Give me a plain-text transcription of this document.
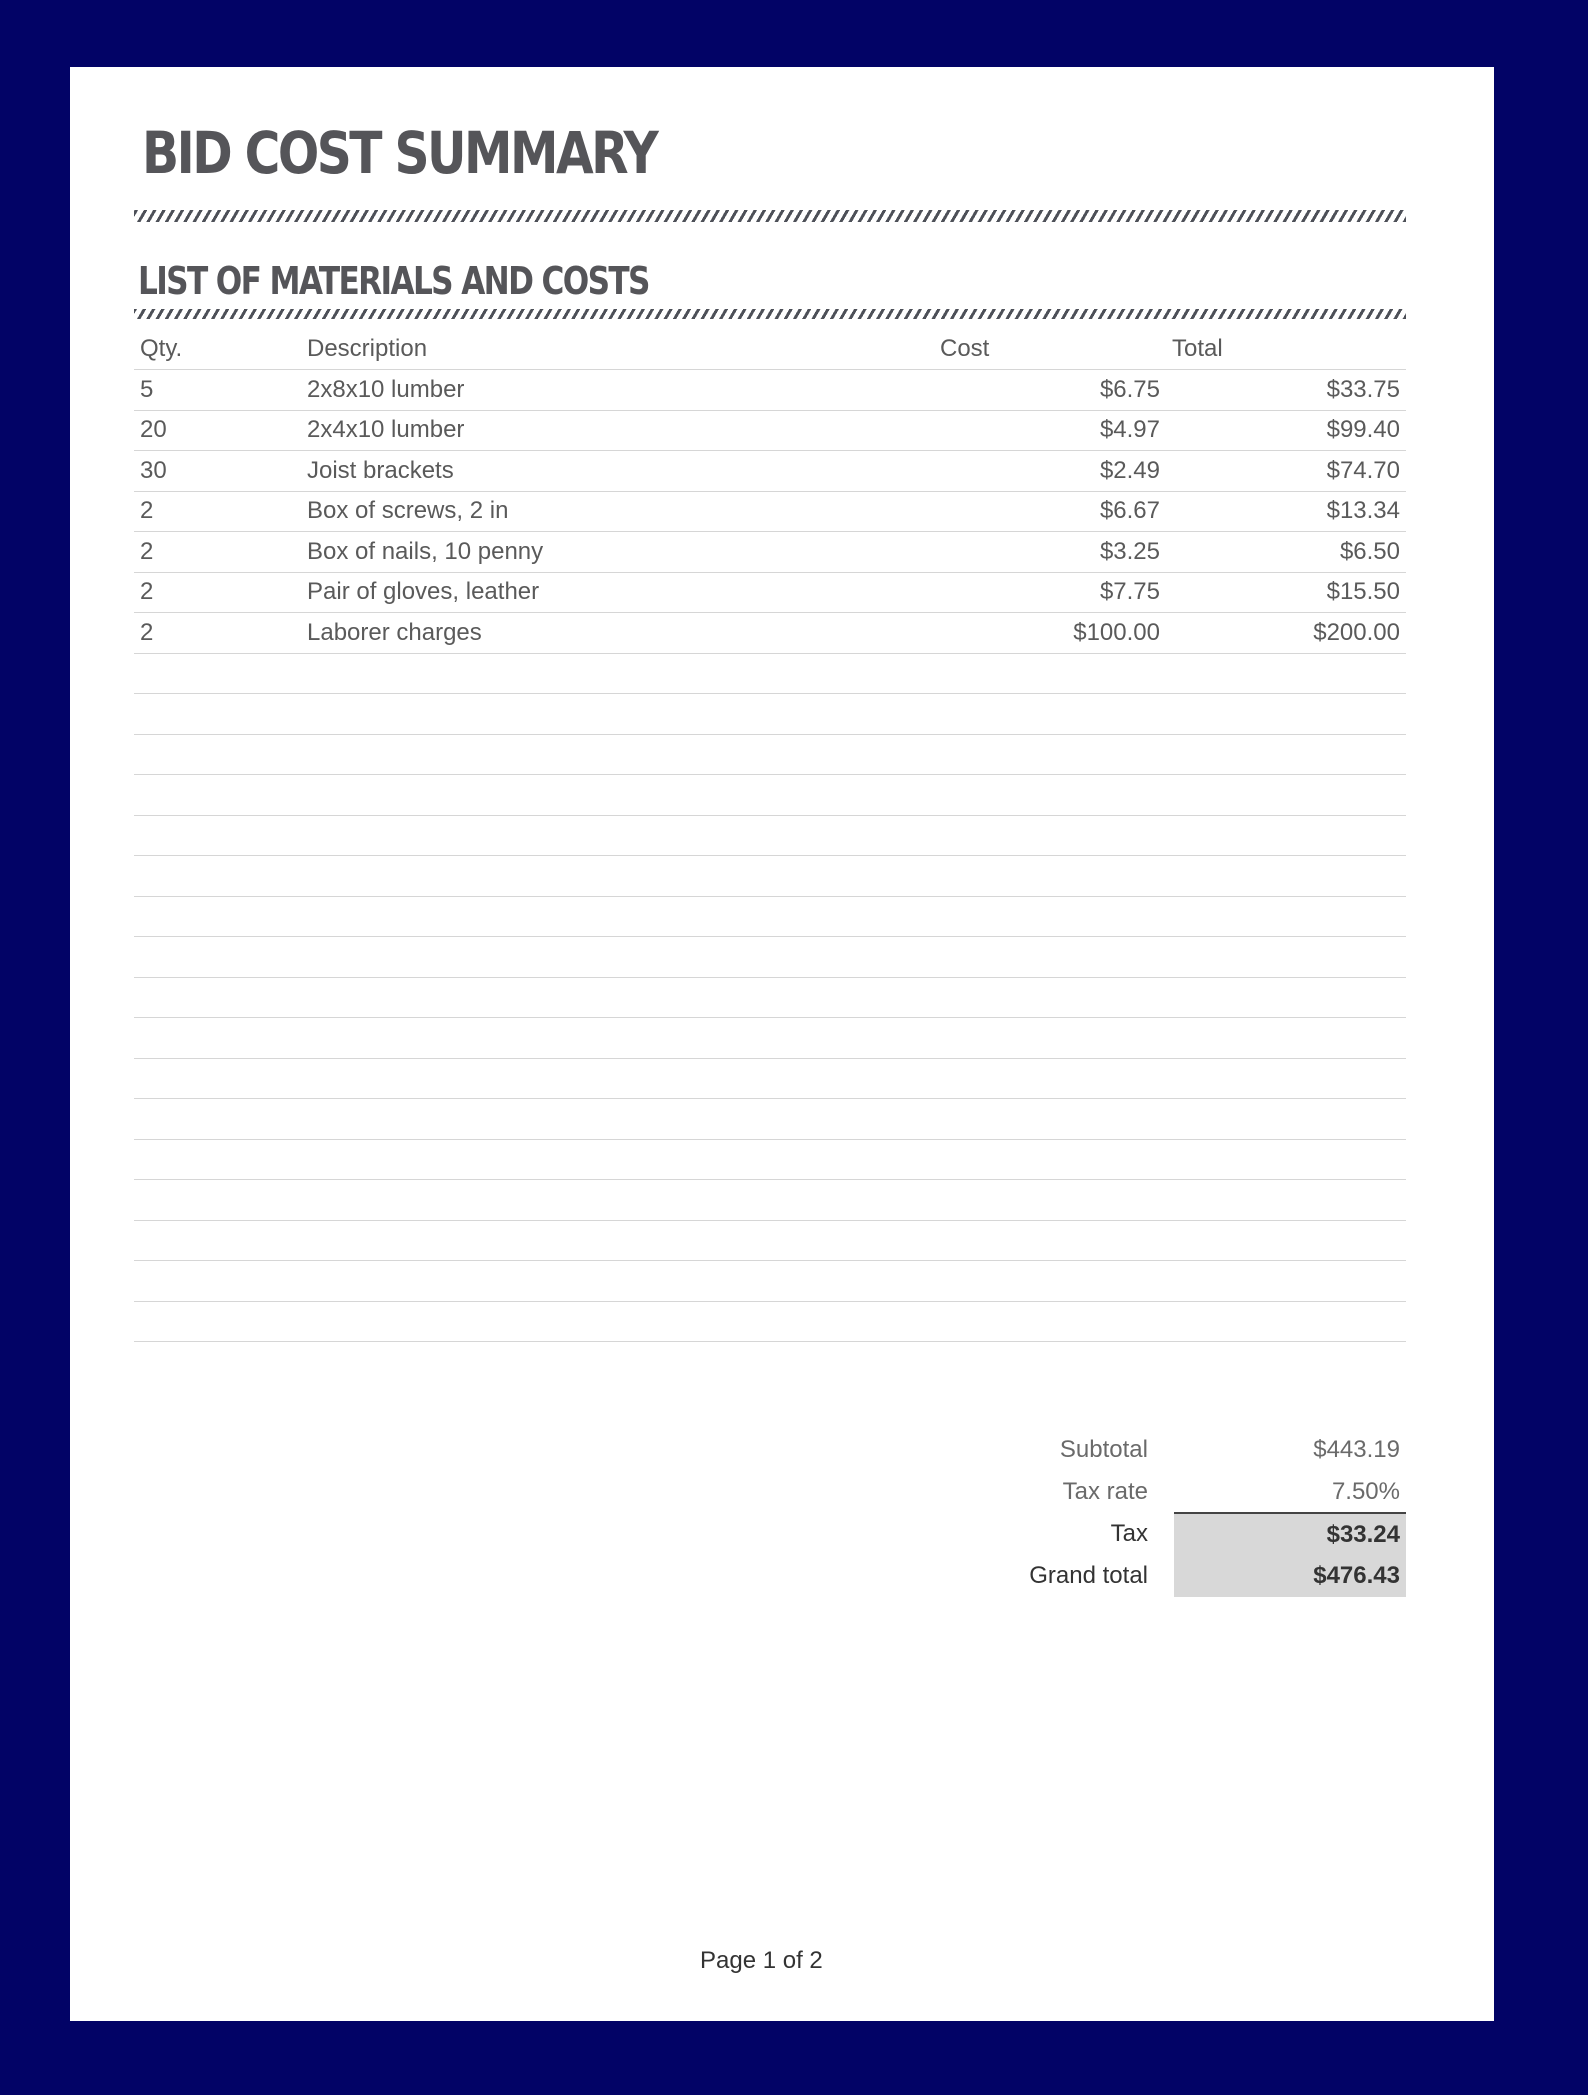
BID COST SUMMARY
LIST OF MATERIALS AND COSTS
Qty.	Description	Cost	Total
5	2x8x10 lumber	$6.75	$33.75
20	2x4x10 lumber	$4.97	$99.40
30	Joist brackets	$2.49	$74.70
2	Box of screws, 2 in	$6.67	$13.34
2	Box of nails, 10 penny	$3.25	$6.50
2	Pair of gloves, leather	$7.75	$15.50
2	Laborer charges	$100.00	$200.00

Subtotal	$443.19
Tax rate	7.50%
Tax	$33.24
Grand total	$476.43
Page 1 of 2
